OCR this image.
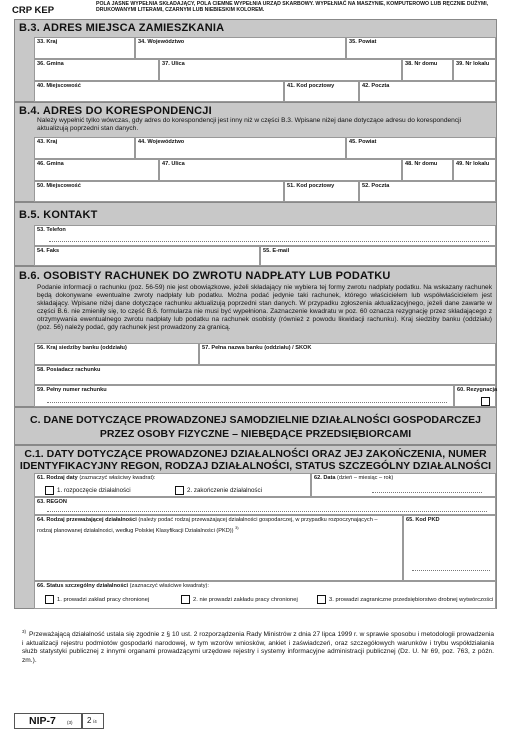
CRP KEP
POLA JASNE WYPEŁNIA SKŁADAJĄCY, POLA CIEMNE WYPEŁNIA URZĄD SKARBOWY. WYPEŁNIAĆ NA MASZYNIE, KOMPUTEROWO LUB RĘCZNIE DUŻYMI, DRUKOWANYMI LITERAMI, CZARNYM LUB NIEBIESKIM KOLOREM.
B.3. ADRES MIEJSCA ZAMIESZKANIA
33. Kraj	34. Województwo	35. Powiat
36. Gmina	37. Ulica	38. Nr domu	39. Nr lokalu
40. Miejscowość	41. Kod pocztowy	42. Poczta
B.4. ADRES DO KORESPONDENCJI
Należy wypełnić tylko wówczas, gdy adres do korespondencji jest inny niż w części B.3. Wpisane niżej dane dotyczące adresu do korespondencji aktualizują poprzedni stan danych.
43. Kraj	44. Województwo	45. Powiat
46. Gmina	47. Ulica	48. Nr domu	49. Nr lokalu
50. Miejscowość	51. Kod pocztowy	52. Poczta
B.5. KONTAKT
53. Telefon
54. Faks	55. E-mail
B.6. OSOBISTY RACHUNEK DO ZWROTU NADPŁATY LUB PODATKU
Podanie informacji o rachunku (poz. 56-59) nie jest obowiązkowe, jeżeli składający nie wybiera tej formy zwrotu nadpłaty podatku. Na wskazany rachunek będą dokonywane ewentualne zwroty nadpłaty lub podatku. Można podać jedynie taki rachunek, którego właścicielem lub współwłaścicielem jest składający. Wpisane niżej dane dotyczące rachunku aktualizują poprzedni stan danych. W przypadku zgłoszenia aktualizacyjnego, jeżeli dane zawarte w części B.6. nie zmieniły się, to część B.6. formularza nie musi być wypełniona. Zaznaczenie kwadratu w poz. 60 oznacza rezygnację przez składającego z otrzymywania ewentualnego zwrotu nadpłaty lub podatku na rachunek osobisty (również z powodu likwidacji rachunku). Kraj siedziby banku (oddziału) (poz. 56) należy podać, gdy rachunek jest prowadzony za granicą.
56. Kraj siedziby banku (oddziału)	57. Pełna nazwa banku (oddziału) / SKOK
58. Posiadacz rachunku
59. Pełny numer rachunku	60. Rezygnacja
C. DANE DOTYCZĄCE PROWADZONEJ SAMODZIELNIE DZIAŁALNOŚCI GOSPODARCZEJ
PRZEZ OSOBY FIZYCZNE – NIEBĘDĄCE PRZEDSIĘBIORCAMI
C.1. DATY DOTYCZĄCE PROWADZONEJ DZIAŁALNOŚCI ORAZ JEJ ZAKOŃCZENIA, NUMER
IDENTYFIKACYJNY REGON, RODZAJ DZIAŁALNOŚCI, STATUS SZCZEGÓLNY DZIAŁALNOŚCI
61. Rodzaj daty (zaznaczyć właściwy kwadrat):
1. rozpoczęcie działalności	2. zakończenie działalności
62. Data (dzień – miesiąc – rok)
63. REGON
64. Rodzaj przeważającej działalności (należy podać rodzaj przeważającej działalności gospodarczej, w przypadku rozpoczynających – rodzaj planowanej działalności, według Polskiej Klasyfikacji Działalności (PKD)) $^{3)}$
65. Kod PKD
66. Status szczególny działalności (zaznaczyć właściwe kwadraty):
1. prowadzi zakład pracy chronionej	2. nie prowadzi zakładu pracy chronionej	3. prowadzi zagraniczne przedsiębiorstwo drobnej wytwórczości
$^{3)}$ Przeważającą działalność ustala się zgodnie z § 10 ust. 2 rozporządzenia Rady Ministrów z dnia 27 lipca 1999 r. w sprawie sposobu i metodologii prowadzenia i aktualizacji rejestru podmiotów gospodarki narodowej, w tym wzorów wniosków, ankiet i zaświadczeń, oraz szczegółowych warunków i trybu współdziałania służb statystyki publicznej z innymi organami prowadzącymi urzędowe rejestry i systemy informacyjne administracji publicznej (Dz. U. Nr 69, poz. 763, z późn. zm.).
NIP-7 (3) 2 /4
